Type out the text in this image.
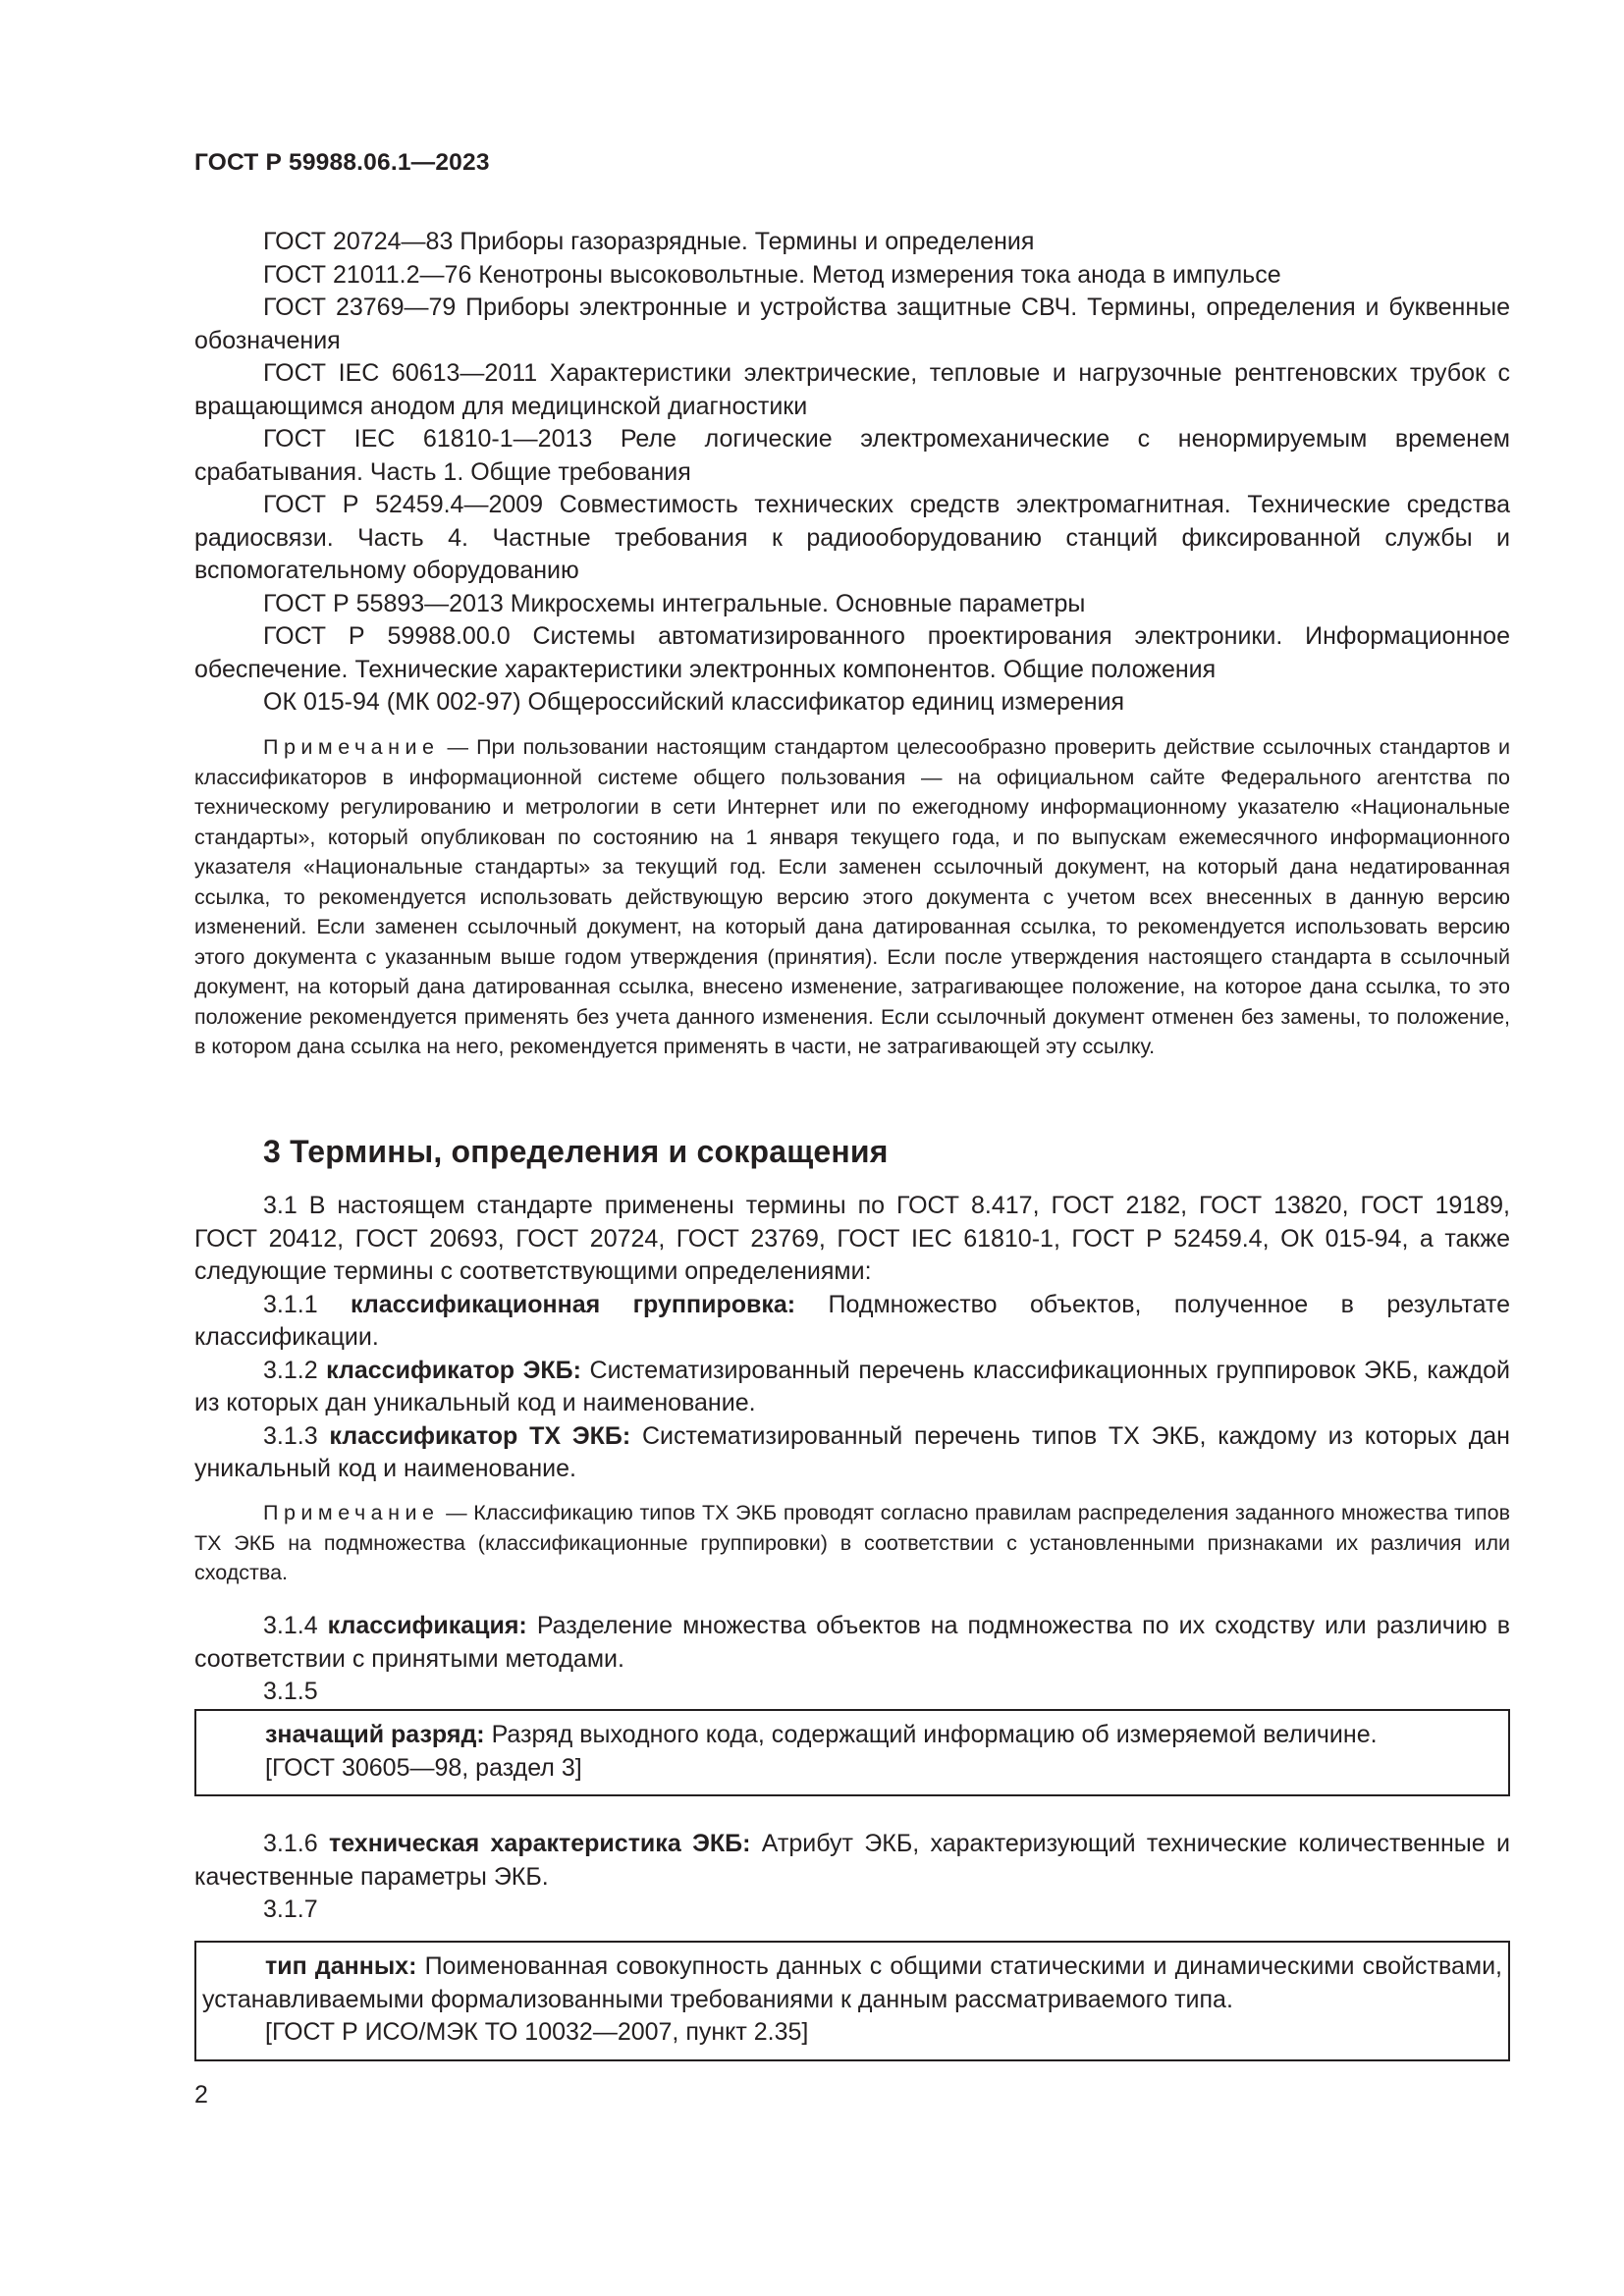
ГОСТ Р 59988.06.1—2023

ГОСТ 20724—83 Приборы газоразрядные. Термины и определения

ГОСТ 21011.2—76 Кенотроны высоковольтные. Метод измерения тока анода в импульсе

ГОСТ 23769—79 Приборы электронные и устройства защитные СВЧ. Термины, определения и буквенные обозначения

ГОСТ IEC 60613—2011 Характеристики электрические, тепловые и нагрузочные рентгеновских трубок с вращающимся анодом для медицинской диагностики

ГОСТ IEC 61810-1—2013 Реле логические электромеханические с ненормируемым временем срабатывания. Часть 1. Общие требования

ГОСТ Р 52459.4—2009 Совместимость технических средств электромагнитная. Технические средства радиосвязи. Часть 4. Частные требования к радиооборудованию станций фиксированной службы и вспомогательному оборудованию

ГОСТ Р 55893—2013 Микросхемы интегральные. Основные параметры

ГОСТ Р 59988.00.0 Системы автоматизированного проектирования электроники. Информационное обеспечение. Технические характеристики электронных компонентов. Общие положения

ОК 015-94 (МК 002-97) Общероссийский классификатор единиц измерения

Примечание — При пользовании настоящим стандартом целесообразно проверить действие ссылочных стандартов и классификаторов в информационной системе общего пользования — на официальном сайте Федерального агентства по техническому регулированию и метрологии в сети Интернет или по ежегодному информационному указателю «Национальные стандарты», который опубликован по состоянию на 1 января текущего года, и по выпускам ежемесячного информационного указателя «Национальные стандарты» за текущий год. Если заменен ссылочный документ, на который дана недатированная ссылка, то рекомендуется использовать действующую версию этого документа с учетом всех внесенных в данную версию изменений. Если заменен ссылочный документ, на который дана датированная ссылка, то рекомендуется использовать версию этого документа с указанным выше годом утверждения (принятия). Если после утверждения настоящего стандарта в ссылочный документ, на который дана датированная ссылка, внесено изменение, затрагивающее положение, на которое дана ссылка, то это положение рекомендуется применять без учета данного изменения. Если ссылочный документ отменен без замены, то положение, в котором дана ссылка на него, рекомендуется применять в части, не затрагивающей эту ссылку.

3 Термины, определения и сокращения

3.1 В настоящем стандарте применены термины по ГОСТ 8.417, ГОСТ 2182, ГОСТ 13820, ГОСТ 19189, ГОСТ 20412, ГОСТ 20693, ГОСТ 20724, ГОСТ 23769, ГОСТ IEC 61810-1, ГОСТ Р 52459.4, ОК 015-94, а также следующие термины с соответствующими определениями:

3.1.1 классификационная группировка: Подмножество объектов, полученное в результате классификации.

3.1.2 классификатор ЭКБ: Систематизированный перечень классификационных группировок ЭКБ, каждой из которых дан уникальный код и наименование.

3.1.3 классификатор ТХ ЭКБ: Систематизированный перечень типов ТХ ЭКБ, каждому из которых дан уникальный код и наименование.

Примечание — Классификацию типов ТХ ЭКБ проводят согласно правилам распределения заданного множества типов ТХ ЭКБ на подмножества (классификационные группировки) в соответствии с установленными признаками их различия или сходства.

3.1.4 классификация: Разделение множества объектов на подмножества по их сходству или различию в соответствии с принятыми методами.

3.1.5

значащий разряд: Разряд выходного кода, содержащий информацию об измеряемой величине.

[ГОСТ 30605—98, раздел 3]

3.1.6 техническая характеристика ЭКБ: Атрибут ЭКБ, характеризующий технические количественные и качественные параметры ЭКБ.

3.1.7

тип данных: Поименованная совокупность данных с общими статическими и динамическими свойствами, устанавливаемыми формализованными требованиями к данным рассматриваемого типа.

[ГОСТ Р ИСО/МЭК ТО 10032—2007, пункт 2.35]

2
